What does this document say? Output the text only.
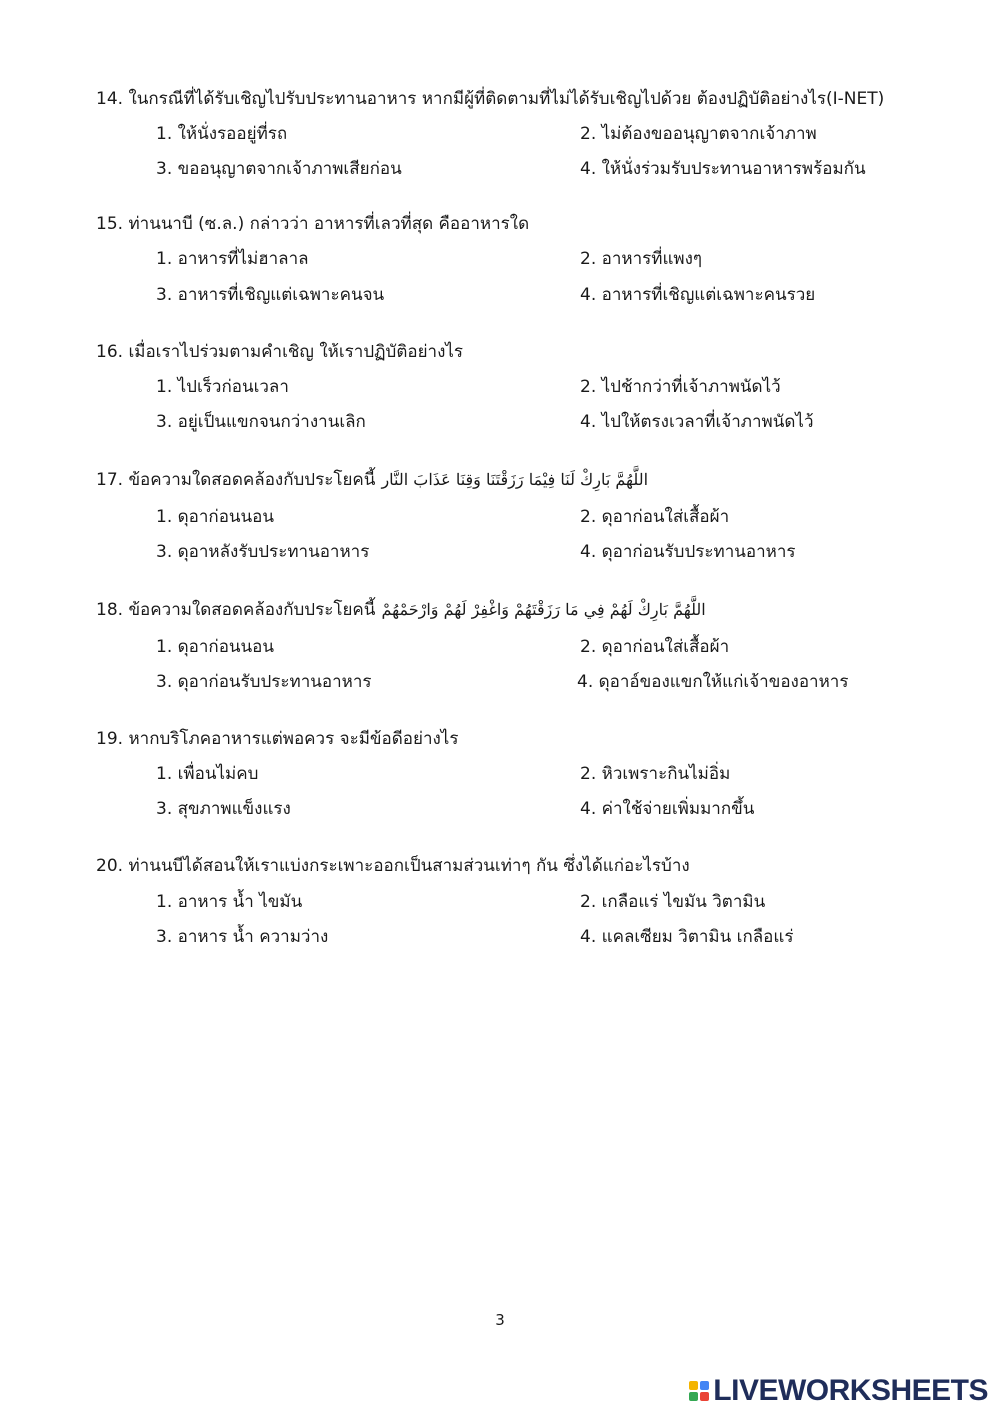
14. ในกรณีที่ได้รับเชิญไปรับประทานอาหาร หากมีผู้ที่ติดตามที่ไม่ได้รับเชิญไปด้วย ต้องปฏิบัติอย่างไร(I-NET)
1. ให้นั่งรออยู่ที่รถ	2. ไม่ต้องขออนุญาตจากเจ้าภาพ
3. ขออนุญาตจากเจ้าภาพเสียก่อน	4. ให้นั่งร่วมรับประทานอาหารพร้อมกัน
15. ท่านนาบี (ซ.ล.) กล่าวว่า อาหารที่เลวที่สุด คืออาหารใด
1. อาหารที่ไม่ฮาลาล	2. อาหารที่แพงๆ
3. อาหารที่เชิญแต่เฉพาะคนจน	4. อาหารที่เชิญแต่เฉพาะคนรวย
16. เมื่อเราไปร่วมตามคำเชิญ ให้เราปฏิบัติอย่างไร
1. ไปเร็วก่อนเวลา	2. ไปช้ากว่าที่เจ้าภาพนัดไว้
3. อยู่เป็นแขกจนกว่างานเลิก	4. ไปให้ตรงเวลาที่เจ้าภาพนัดไว้
17. ข้อความใดสอดคล้องกับประโยคนี้ اللَّهُمَّ بَارِكْ لَنَا فِيْمَا رَزَقْتَنَا وَقِنَا عَذَابَ النَّار
1. ดุอาก่อนนอน	2. ดุอาก่อนใส่เสื้อผ้า
3. ดุอาหลังรับประทานอาหาร	4. ดุอาก่อนรับประทานอาหาร
18. ข้อความใดสอดคล้องกับประโยคนี้ اللَّهُمَّ بَارِكْ لَهُمْ فِي مَا رَزَقْتَهُمْ وَاغْفِرْ لَهُمْ وَارْحَمْهُمْ
1. ดุอาก่อนนอน	2. ดุอาก่อนใส่เสื้อผ้า
3. ดุอาก่อนรับประทานอาหาร	4. ดุอาอ์ของแขกให้แก่เจ้าของอาหาร
19. หากบริโภคอาหารแต่พอควร จะมีข้อดีอย่างไร
1. เพื่อนไม่คบ	2. หิวเพราะกินไม่อิ่ม
3. สุขภาพแข็งแรง	4. ค่าใช้จ่ายเพิ่มมากขึ้น
20. ท่านนบีได้สอนให้เราแบ่งกระเพาะออกเป็นสามส่วนเท่าๆ กัน ซึ่งได้แก่อะไรบ้าง
1. อาหาร น้ำ ไขมัน	2. เกลือแร่ ไขมัน วิตามิน
3. อาหาร น้ำ ความว่าง	4. แคลเซียม วิตามิน เกลือแร่
3
LIVEWORKSHEETS
